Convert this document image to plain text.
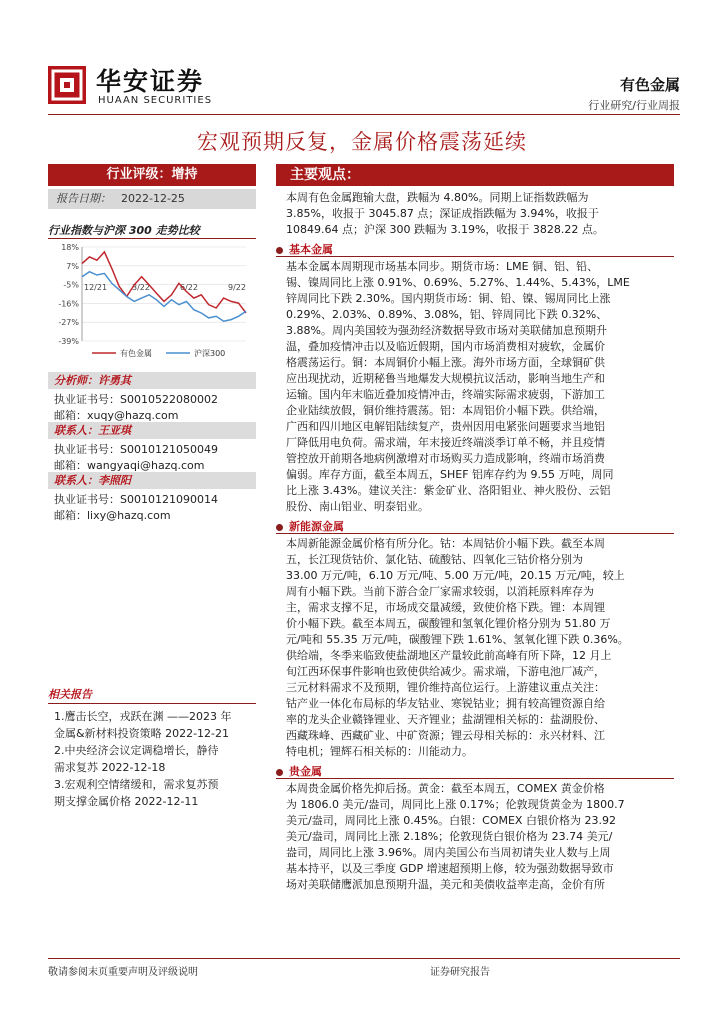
华安证券
HUAAN SECURITIES
有色金属
行业研究/行业周报
宏观预期反复，金属价格震荡延续
行业评级：增持
报告日期： 2022-12-25
行业指数与沪深 300 走势比较
18%
7%
-5%
-16%
-27%
-39%
12/21	3/22	6/22	9/22
有色金属	沪深300
分析师：许勇其
执业证书号：S0010522080002
邮箱：xuqy@hazq.com
联系人：王亚琪
执业证书号：S0010121050049
邮箱：wangyaqi@hazq.com
联系人：李照阳
执业证书号：S0010121090014
邮箱：lixy@hazq.com
相关报告
1.鹰击长空，戎跃在渊 ——2023 年
金属&新材料投资策略 2022-12-21
2.中央经济会议定调稳增长，静待
需求复苏 2022-12-18
3.宏观利空情绪缓和，需求复苏预
期支撑金属价格 2022-12-11
主要观点：
本周有色金属跑输大盘，跌幅为 4.80%。同期上证指数跌幅为
3.85%，收报于 3045.87 点；深证成指跌幅为 3.94%，收报于
10849.64 点；沪深 300 跌幅为 3.19%，收报于 3828.22 点。
基本金属
基本金属本周期现市场基本同步。期货市场：LME 铜、铝、铅、
锡、镍周同比上涨 0.91%、0.69%、5.27%、1.44%、5.43%，LME
锌周同比下跌 2.30%。国内期货市场：铜、铅、镍、锡周同比上涨
0.29%、2.03%、0.89%、3.08%，铝、锌周同比下跌 0.32%、
3.88%。周内美国较为强劲经济数据导致市场对美联储加息预期升
温，叠加疫情冲击以及临近假期，国内市场消费相对疲软，金属价
格震荡运行。铜：本周铜价小幅上涨。海外市场方面，全球铜矿供
应出现扰动，近期秘鲁当地爆发大规模抗议活动，影响当地生产和
运输。国内年末临近叠加疫情冲击，终端实际需求疲弱，下游加工
企业陆续放假，铜价维持震荡。铝：本周铝价小幅下跌。供给端，
广西和四川地区电解铝陆续复产，贵州因用电紧张问题要求当地铝
厂降低用电负荷。需求端，年末接近终端淡季订单不畅，并且疫情
管控放开前期各地病例激增对市场购买力造成影响，终端市场消费
偏弱。库存方面，截至本周五，SHEF 铝库存约为 9.55 万吨，周同
比上涨 3.43%。建议关注：紫金矿业、洛阳钼业、神火股份、云铝
股份、南山铝业、明泰铝业。
新能源金属
本周新能源金属价格有所分化。钴：本周钴价小幅下跌。截至本周
五，长江现货钴价、氯化钴、硫酸钴、四氧化三钴价格分别为
33.00 万元/吨，6.10 万元/吨、5.00 万元/吨，20.15 万元/吨，较上
周有小幅下跌。当前下游合金厂家需求较弱，以消耗原料库存为
主，需求支撑不足，市场成交量减缓，致使价格下跌。锂：本周锂
价小幅下跌。截至本周五，碳酸锂和氢氧化锂价格分别为 51.80 万
元/吨和 55.35 万元/吨，碳酸锂下跌 1.61%、氢氧化锂下跌 0.36%。
供给端，冬季来临致使盐湖地区产量较此前高峰有所下降，12 月上
旬江西环保事件影响也致使供给减少。需求端，下游电池厂减产，
三元材料需求不及预期，锂价维持高位运行。上游建议重点关注：
钴产业一体化布局标的华友钴业、寒锐钴业；拥有较高锂资源自给
率的龙头企业赣锋锂业、天齐锂业；盐湖锂相关标的：盐湖股份、
西藏珠峰、西藏矿业、中矿资源；锂云母相关标的：永兴材料、江
特电机；锂辉石相关标的：川能动力。
贵金属
本周贵金属价格先抑后扬。黄金：截至本周五，COMEX 黄金价格
为 1806.0 美元/盎司，周同比上涨 0.17%；伦敦现货黄金为 1800.7
美元/盎司，周同比上涨 0.45%。白银：COMEX 白银价格为 23.92
美元/盎司，周同比上涨 2.18%；伦敦现货白银价格为 23.74 美元/
盎司，周同比上涨 3.96%。周内美国公布当周初请失业人数与上周
基本持平，以及三季度 GDP 增速超预期上修，较为强劲数据导致市
场对美联储鹰派加息预期升温，美元和美债收益率走高，金价有所
敬请参阅末页重要声明及评级说明	证券研究报告
